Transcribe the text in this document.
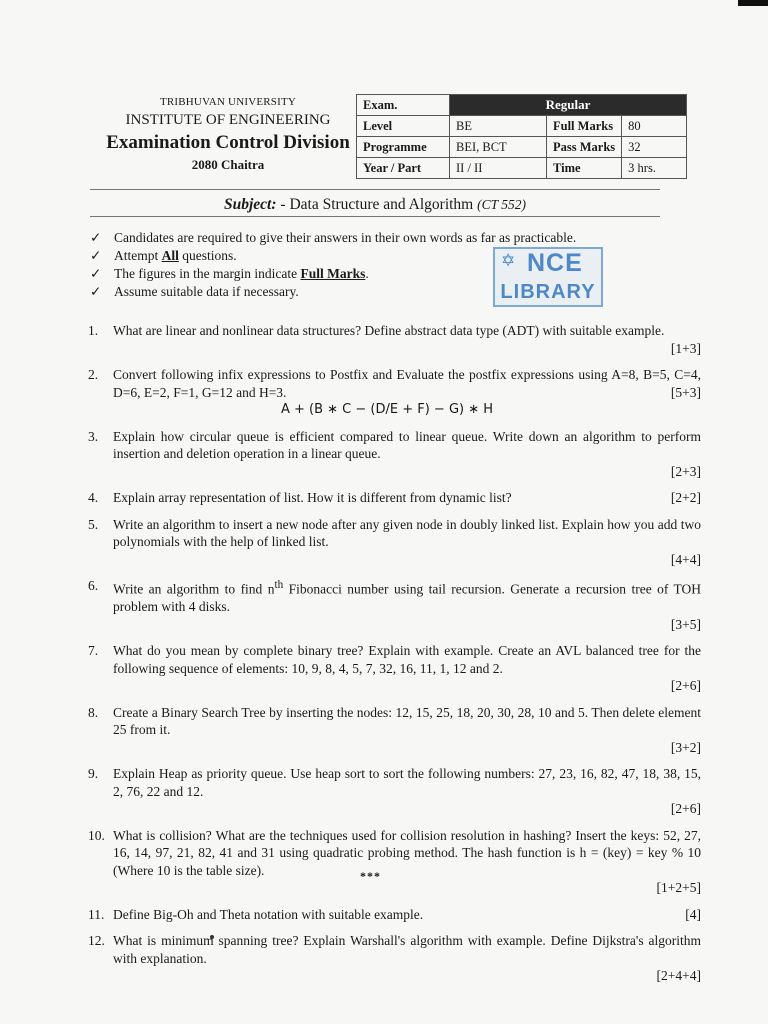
TRIBHUVAN UNIVERSITY
INSTITUTE OF ENGINEERING
Examination Control Division
2080 Chaitra
Exam.	Regular		
Level	BE	Full Marks	80
Programme	BEI, BCT	Pass Marks	32
Year / Part	II / II	Time	3 hrs.
Subject: - Data Structure and Algorithm (CT 552)
✓ Candidates are required to give their answers in their own words as far as practicable.
✓ Attempt All questions.
✓ The figures in the margin indicate Full Marks.
✓ Assume suitable data if necessary.
✡ NCE
LIBRARY
1. What are linear and nonlinear data structures? Define abstract data type (ADT) with suitable example.
[1+3]
2. Convert following infix expressions to Postfix and Evaluate the postfix expressions using A=8, B=5, C=4, D=6, E=2, F=1, G=12 and H=3.	[5+3]
A + (B ∗ C − (D/E + F) − G) ∗ H
3. Explain how circular queue is efficient compared to linear queue. Write down an algorithm to perform insertion and deletion operation in a linear queue.
[2+3]
4. Explain array representation of list. How it is different from dynamic list?	[2+2]
5. Write an algorithm to insert a new node after any given node in doubly linked list. Explain how you add two polynomials with the help of linked list.
[4+4]
6. Write an algorithm to find $n^{th}$ Fibonacci number using tail recursion. Generate a recursion tree of TOH problem with 4 disks.
[3+5]
7. What do you mean by complete binary tree? Explain with example. Create an AVL balanced tree for the following sequence of elements: 10, 9, 8, 4, 5, 7, 32, 16, 11, 1, 12 and 2.
[2+6]
8. Create a Binary Search Tree by inserting the nodes: 12, 15, 25, 18, 20, 30, 28, 10 and 5. Then delete element 25 from it.
[3+2]
9. Explain Heap as priority queue. Use heap sort to sort the following numbers: 27, 23, 16, 82, 47, 18, 38, 15, 2, 76, 22 and 12.
[2+6]
10. What is collision? What are the techniques used for collision resolution in hashing? Insert the keys: 52, 27, 16, 14, 97, 21, 82, 41 and 31 using quadratic probing method. The hash function is h = (key) = key % 10 (Where 10 is the table size).
[1+2+5]
11. Define Big-Oh and Theta notation with suitable example.	[4]
12. What is minimum spanning tree? Explain Warshall's algorithm with example. Define Dijkstra's algorithm with explanation.
[2+4+4]
***
